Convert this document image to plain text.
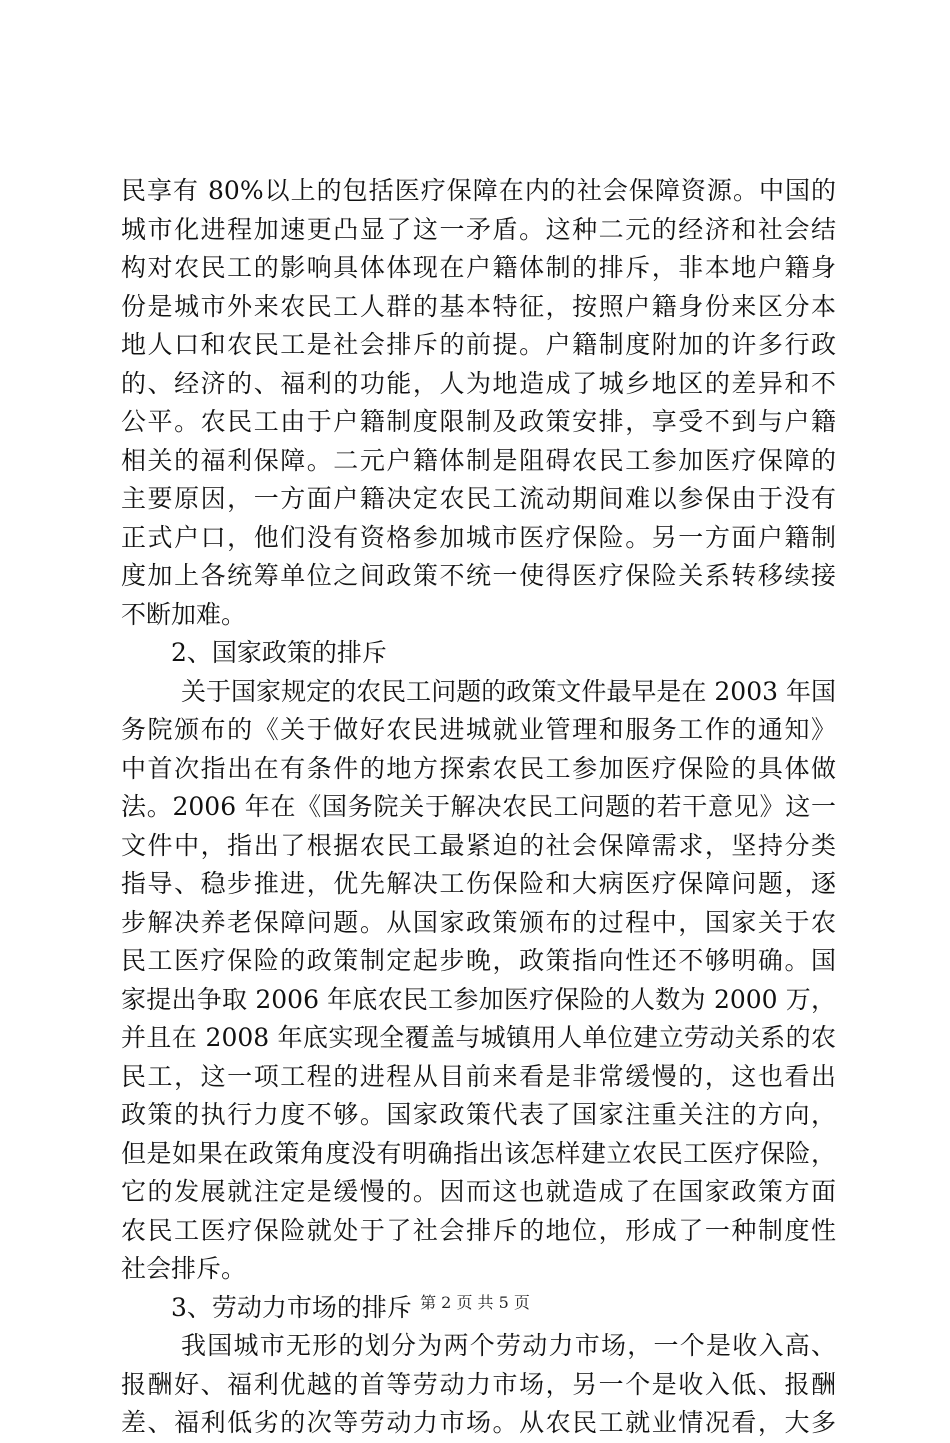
民享有 80%以上的包括医疗保障在内的社会保障资源。中国的
城市化进程加速更凸显了这一矛盾。这种二元的经济和社会结
构对农民工的影响具体体现在户籍体制的排斥，非本地户籍身
份是城市外来农民工人群的基本特征，按照户籍身份来区分本
地人口和农民工是社会排斥的前提。户籍制度附加的许多行政
的、经济的、福利的功能，人为地造成了城乡地区的差异和不
公平。农民工由于户籍制度限制及政策安排，享受不到与户籍
相关的福利保障。二元户籍体制是阻碍农民工参加医疗保障的
主要原因，一方面户籍决定农民工流动期间难以参保由于没有
正式户口，他们没有资格参加城市医疗保险。另一方面户籍制
度加上各统筹单位之间政策不统一使得医疗保险关系转移续接
不断加难。
2、国家政策的排斥
关于国家规定的农民工问题的政策文件最早是在 2003 年国
务院颁布的《关于做好农民进城就业管理和服务工作的通知》
中首次指出在有条件的地方探索农民工参加医疗保险的具体做
法。2006 年在《国务院关于解决农民工问题的若干意见》这一
文件中，指出了根据农民工最紧迫的社会保障需求，坚持分类
指导、稳步推进，优先解决工伤保险和大病医疗保障问题，逐
步解决养老保障问题。从国家政策颁布的过程中，国家关于农
民工医疗保险的政策制定起步晚，政策指向性还不够明确。国
家提出争取 2006 年底农民工参加医疗保险的人数为 2000 万，
并且在 2008 年底实现全覆盖与城镇用人单位建立劳动关系的农
民工，这一项工程的进程从目前来看是非常缓慢的，这也看出
政策的执行力度不够。国家政策代表了国家注重关注的方向，
但是如果在政策角度没有明确指出该怎样建立农民工医疗保险，
它的发展就注定是缓慢的。因而这也就造成了在国家政策方面
农民工医疗保险就处于了社会排斥的地位，形成了一种制度性
社会排斥。
3、劳动力市场的排斥
我国城市无形的划分为两个劳动力市场，一个是收入高、
报酬好、福利优越的首等劳动力市场，另一个是收入低、报酬
差、福利低劣的次等劳动力市场。从农民工就业情况看，大多
第 2 页 共 5 页
